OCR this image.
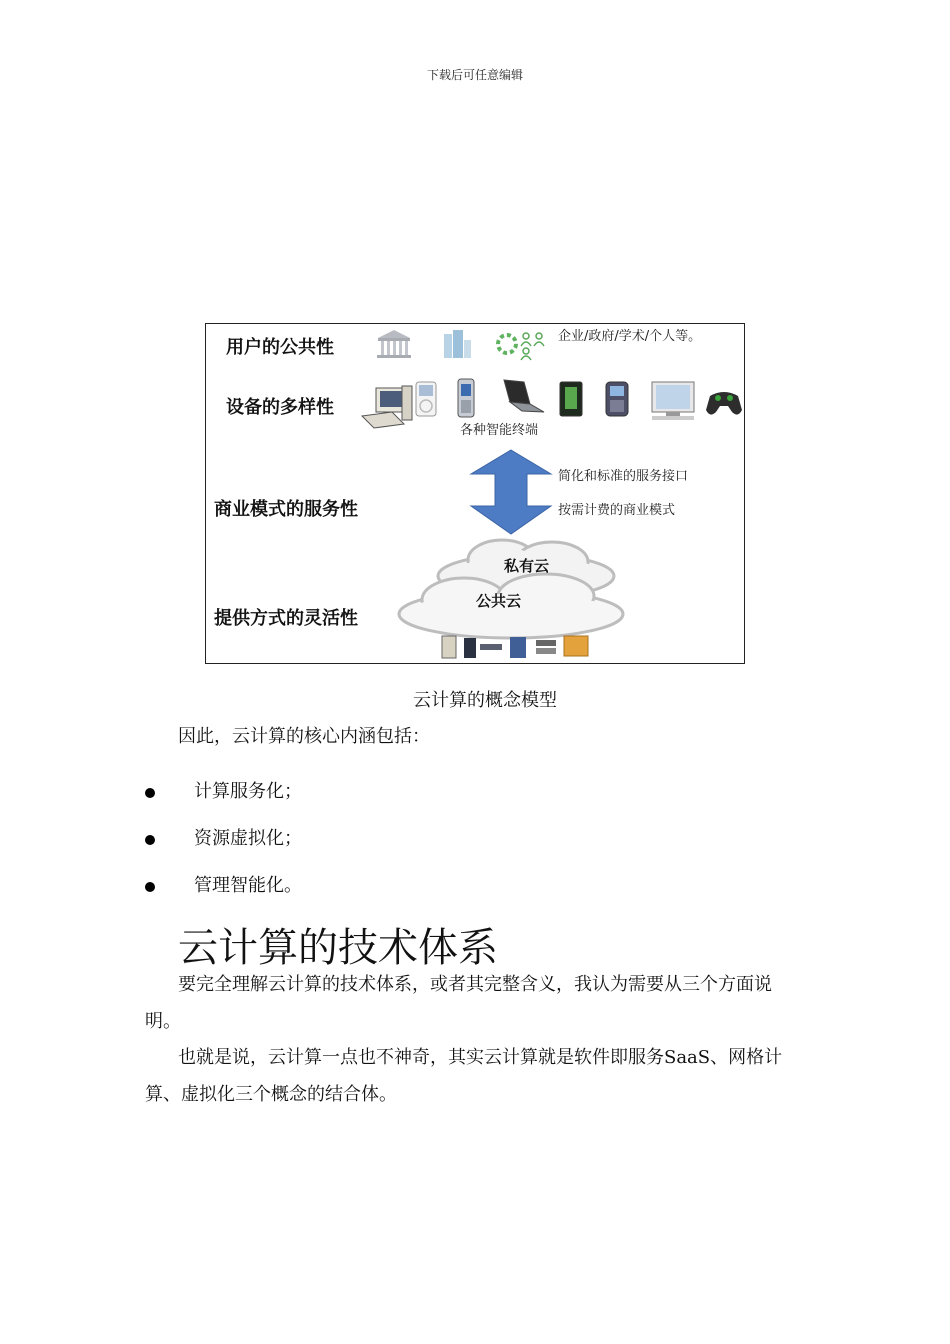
下载后可任意编辑
用户的公共性
设备的多样性
商业模式的服务性
提供方式的灵活性
企业/政府/学术/个人等。
各种智能终端
简化和标准的服务接口
按需计费的商业模式
私有云
公共云
云计算的概念模型
因此，云计算的核心内涵包括：
计算服务化；
资源虚拟化；
管理智能化。
云计算的技术体系

要完全理解云计算的技术体系，或者其完整含义，我认为需要从三个方面说明。

也就是说，云计算一点也不神奇，其实云计算就是软件即服务SaaS、网格计算、虚拟化三个概念的结合体。
